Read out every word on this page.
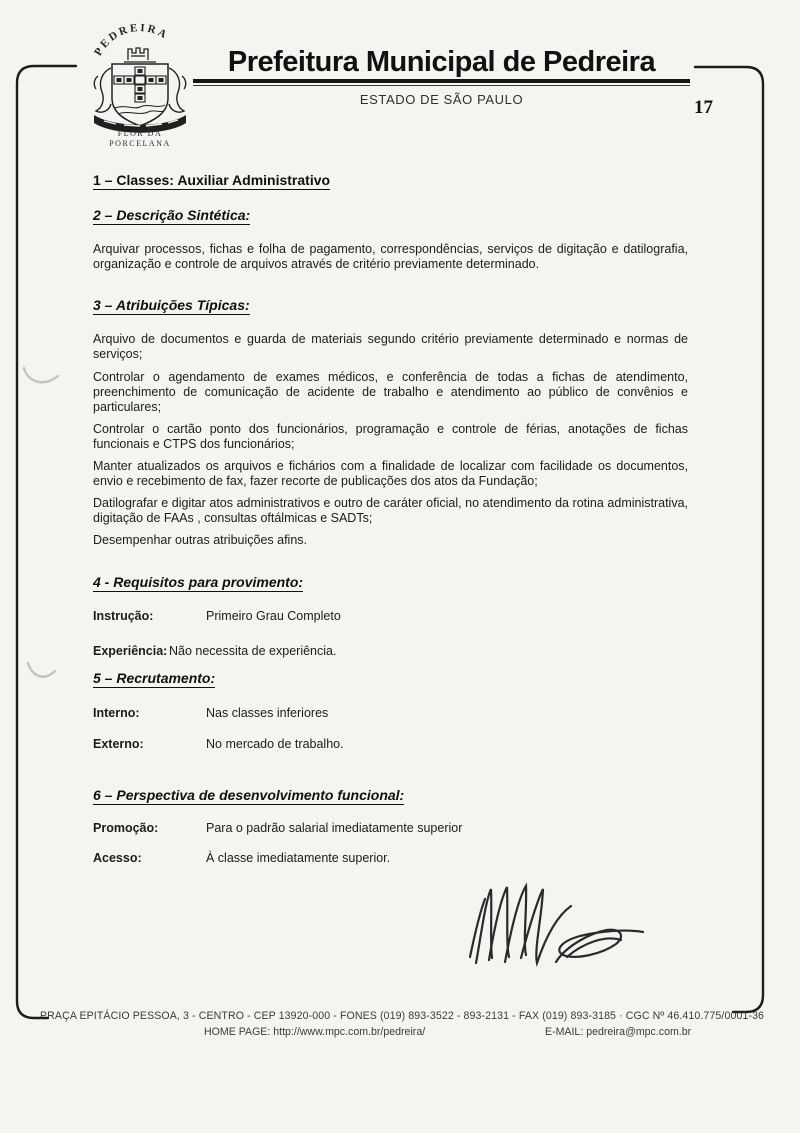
PEDREIRA
FLOR DA
PORCELANA
Prefeitura Municipal de Pedreira
ESTADO DE SÃO PAULO	17
1 – Classes: Auxiliar Administrativo
2 – Descrição Sintética:
Arquivar processos, fichas e folha de pagamento, correspondências, serviços de digitação e datilografia, organização e controle de arquivos através de critério previamente determinado.
3 – Atribuições Típicas:
Arquivo de documentos e guarda de materiais segundo critério previamente determinado e normas de serviços;
Controlar o agendamento de exames médicos, e conferência de todas a fichas de atendimento, preenchimento de comunicação de acidente de trabalho e atendimento ao público de convênios e particulares;
Controlar o cartão ponto dos funcionários, programação e controle de férias, anotações de fichas funcionais e CTPS dos funcionários;
Manter atualizados os arquivos e fichários com a finalidade de localizar com facilidade os documentos, envio e recebimento de fax, fazer recorte de publicações dos atos da Fundação;
Datilografar e digitar atos administrativos e outro de caráter oficial, no atendimento da rotina administrativa, digitação de FAAs , consultas oftálmicas e SADTs;
Desempenhar outras atribuições afins.
4 - Requisitos para provimento:
Instrução:	Primeiro Grau Completo
Experiência: Não necessita de experiência.
5 – Recrutamento:
Interno:	Nas classes inferiores
Externo:	No mercado de trabalho.
6 – Perspectiva de desenvolvimento funcional:
Promoção:	Para o padrão salarial imediatamente superior
Acesso:	À classe imediatamente superior.
PRAÇA EPITÁCIO PESSOA, 3 - CENTRO - CEP 13920-000 - FONES (019) 893-3522 - 893-2131 - FAX (019) 893-3185 · CGC Nº 46.410.775/0001-36
HOME PAGE: http://www.mpc.com.br/pedreira/	E-MAIL: pedreira@mpc.com.br
